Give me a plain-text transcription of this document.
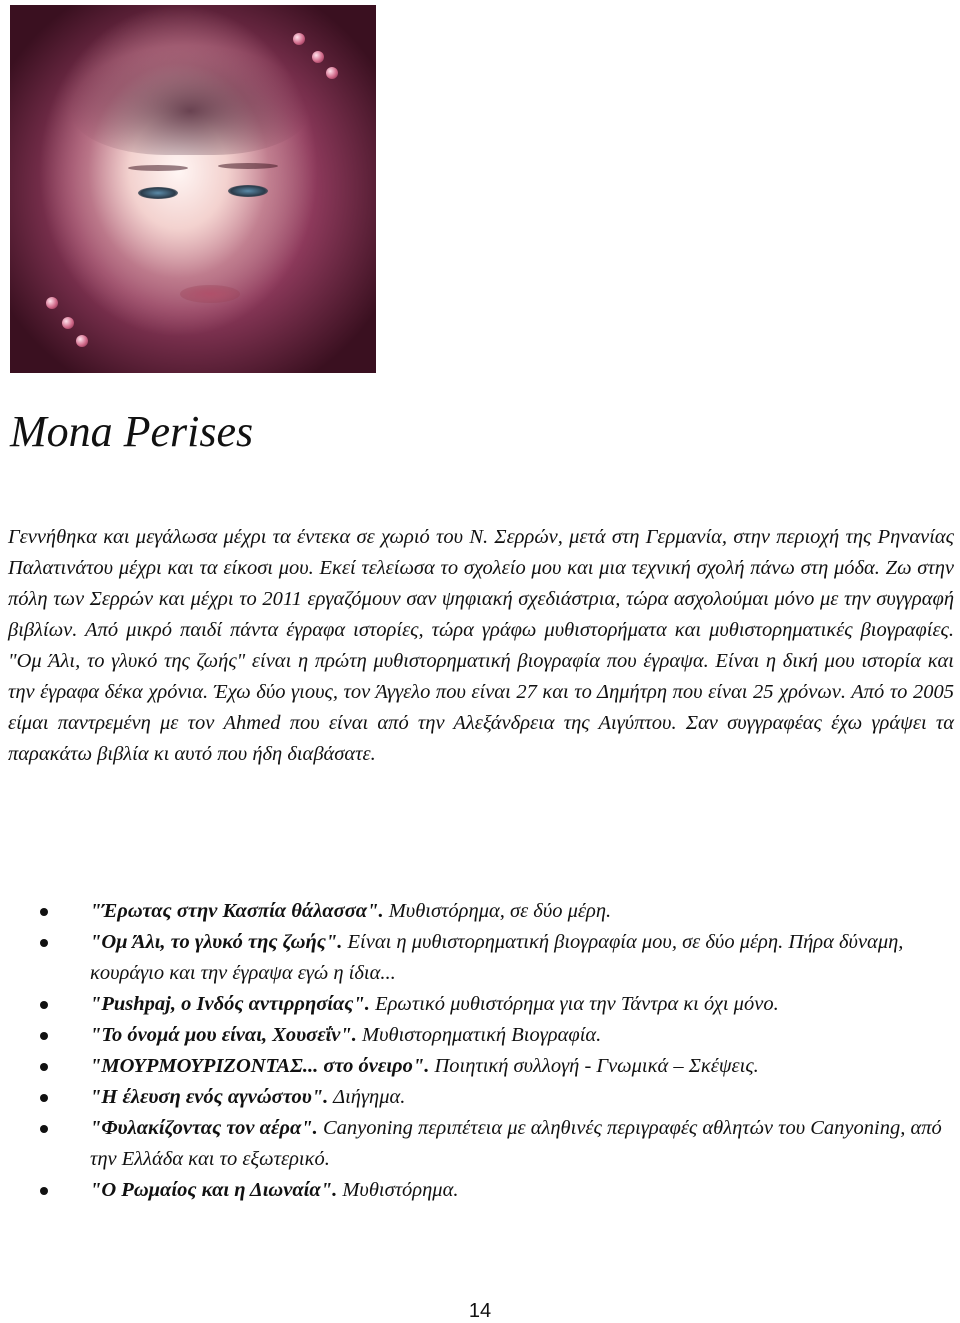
Mona Perises

Γεννήθηκα και μεγάλωσα μέχρι τα έντεκα σε χωριό του Ν. Σερρών, μετά στη Γερμανία, στην περιοχή της Ρηνανίας Παλατινάτου μέχρι και τα είκοσι μου. Εκεί τελείωσα το σχολείο μου και μια τεχνική σχολή πάνω στη μόδα. Ζω στην πόλη των Σερρών και μέχρι το 2011 εργαζόμουν σαν ψηφιακή σχεδιάστρια, τώρα ασχολούμαι μόνο με την συγγραφή βιβλίων. Από μικρό παιδί πάντα έγραφα ιστορίες, τώρα γράφω μυθιστορήματα και μυθιστορηματικές βιογραφίες. "Ομ Άλι, το γλυκό της ζωής" είναι η πρώτη μυθιστορηματική βιογραφία που έγραψα. Είναι η δική μου ιστορία και την έγραφα δέκα χρόνια. Έχω δύο γιους, τον Άγγελο που είναι 27 και το Δημήτρη που είναι 25 χρόνων. Από το 2005 είμαι παντρεμένη με τον Ahmed που είναι από την Αλεξάνδρεια της Αιγύπτου. Σαν συγγραφέας έχω γράψει τα παρακάτω βιβλία κι αυτό που ήδη διαβάσατε.

"Έρωτας στην Κασπία θάλασσα". Μυθιστόρημα, σε δύο μέρη.
"Ομ Άλι, το γλυκό της ζωής". Είναι η μυθιστορηματική βιογραφία μου, σε δύο μέρη. Πήρα δύναμη, κουράγιο και την έγραψα εγώ η ίδια...
"Pushpaj, ο Ινδός αντιρρησίας". Ερωτικό μυθιστόρημα για την Τάντρα κι όχι μόνο.
"Το όνομά μου είναι, Χουσεΐν". Μυθιστορηματική Βιογραφία.
"ΜΟΥΡΜΟΥΡΙΖΟΝΤΑΣ... στο όνειρο". Ποιητική συλλογή - Γνωμικά – Σκέψεις.
"Η έλευση ενός αγνώστου". Διήγημα.
"Φυλακίζοντας τον αέρα". Canyoning περιπέτεια με αληθινές περιγραφές αθλητών του Canyoning, από την Ελλάδα και το εξωτερικό.
"Ο Ρωμαίος και η Διωναία". Μυθιστόρημα.
14
